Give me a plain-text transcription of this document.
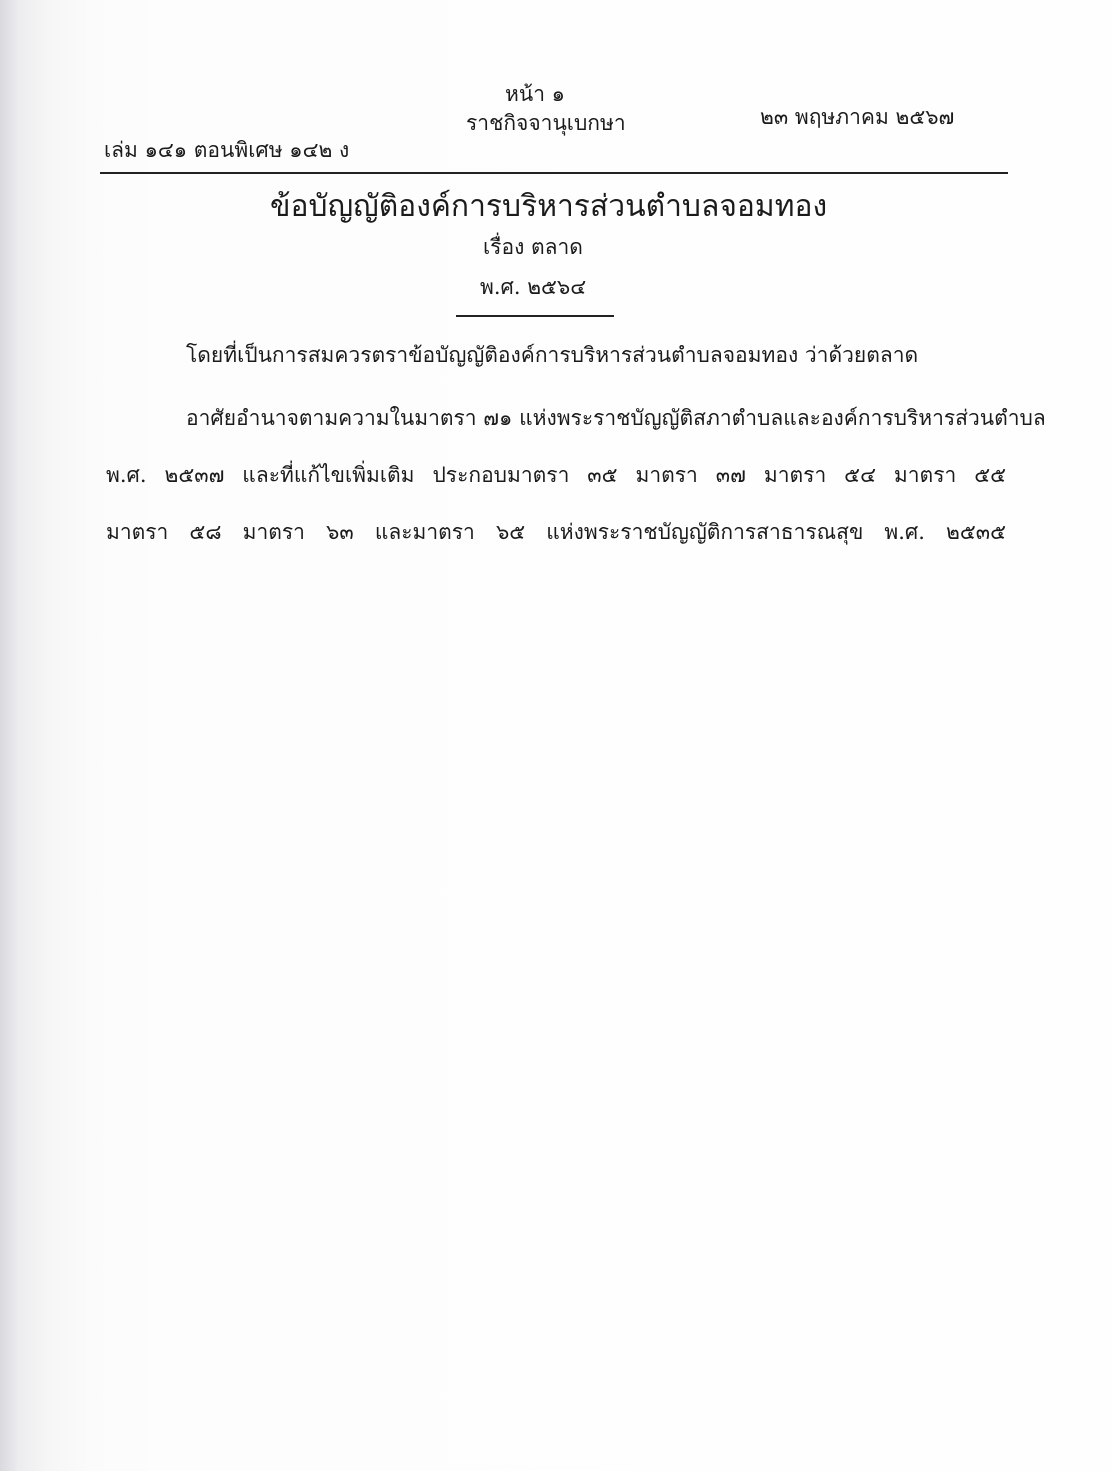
หน้า ๑
เล่ม ๑๔๑ ตอนพิเศษ ๑๔๒ ง
ราชกิจจานุเบกษา	๒๓ พฤษภาคม ๒๕๖๗
ข้อบัญญัติองค์การบริหารส่วนตำบลจอมทอง
เรื่อง ตลาด
พ.ศ. ๒๕๖๔
โดยที่เป็นการสมควรตราข้อบัญญัติองค์การบริหารส่วนตำบลจอมทอง ว่าด้วยตลาด
อาศัยอำนาจตามความในมาตรา ๗๑ แห่งพระราชบัญญัติสภาตำบลและองค์การบริหารส่วนตำบล
พ.ศ. ๒๕๓๗ และที่แก้ไขเพิ่มเติม ประกอบมาตรา ๓๕ มาตรา ๓๗ มาตรา ๕๔ มาตรา ๕๕
มาตรา ๕๘ มาตรา ๖๓ และมาตรา ๖๕ แห่งพระราชบัญญัติการสาธารณสุข พ.ศ. ๒๕๓๕
